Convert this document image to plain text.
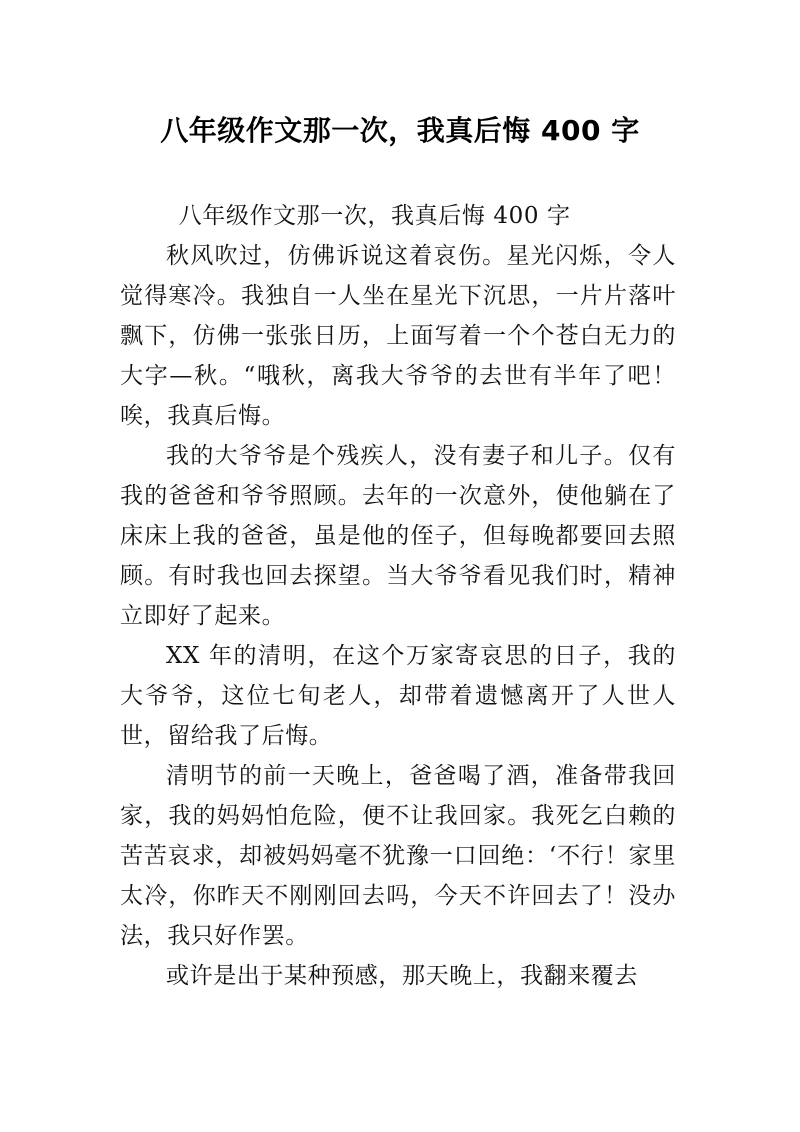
八年级作文那一次，我真后悔 400 字

八年级作文那一次，我真后悔 400 字

秋风吹过，仿佛诉说这着哀伤。星光闪烁，令人觉得寒冷。我独自一人坐在星光下沉思，一片片落叶飘下，仿佛一张张日历，上面写着一个个苍白无力的大字—秋。“哦秋，离我大爷爷的去世有半年了吧！唉，我真后悔。

我的大爷爷是个残疾人，没有妻子和儿子。仅有我的爸爸和爷爷照顾。去年的一次意外，使他躺在了床床上我的爸爸，虽是他的侄子，但每晚都要回去照顾。有时我也回去探望。当大爷爷看见我们时，精神立即好了起来。

XX 年的清明，在这个万家寄哀思的日子，我的大爷爷，这位七旬老人，却带着遗憾离开了人世人世，留给我了后悔。

清明节的前一天晚上，爸爸喝了酒，准备带我回家，我的妈妈怕危险，便不让我回家。我死乞白赖的苦苦哀求，却被妈妈毫不犹豫一口回绝：‘不行！家里太冷，你昨天不刚刚回去吗，今天不许回去了！没办法，我只好作罢。

或许是出于某种预感，那天晚上，我翻来覆去
